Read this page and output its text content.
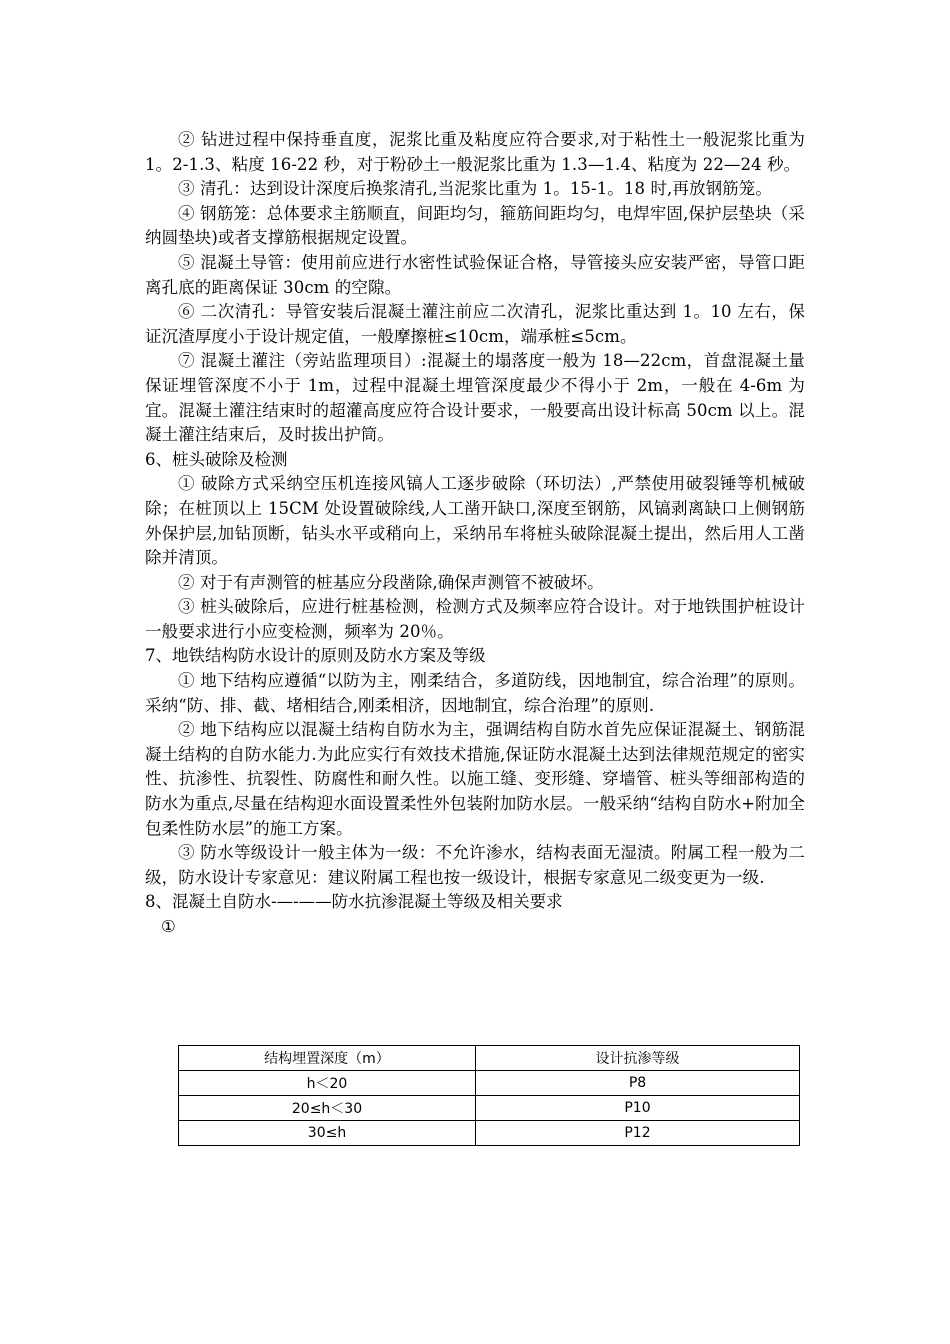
② 钻进过程中保持垂直度，泥浆比重及粘度应符合要求,对于粘性土一般泥浆比重为 1。2-1.3、粘度 16-22 秒，对于粉砂土一般泥浆比重为 1.3—1.4、粘度为 22—24 秒。

③ 清孔：达到设计深度后换浆清孔,当泥浆比重为 1。15-1。18 时,再放钢筋笼。

④ 钢筋笼：总体要求主筋顺直，间距均匀，箍筋间距均匀，电焊牢固,保护层垫块（采纳圆垫块)或者支撑筋根据规定设置。

⑤ 混凝土导管：使用前应进行水密性试验保证合格，导管接头应安装严密，导管口距离孔底的距离保证 30cm 的空隙。

⑥ 二次清孔：导管安装后混凝土灌注前应二次清孔，泥浆比重达到 1。10 左右，保证沉渣厚度小于设计规定值，一般摩擦桩≤10cm，端承桩≤5cm。

⑦ 混凝土灌注（旁站监理项目）:混凝土的塌落度一般为 18—22cm，首盘混凝土量保证埋管深度不小于 1m，过程中混凝土埋管深度最少不得小于 2m，一般在 4-6m 为宜。混凝土灌注结束时的超灌高度应符合设计要求，一般要高出设计标高 50cm 以上。混凝土灌注结束后，及时拔出护筒。

6、桩头破除及检测

① 破除方式采纳空压机连接风镐人工逐步破除（环切法）,严禁使用破裂锤等机械破除；在桩顶以上 15CM 处设置破除线,人工凿开缺口,深度至钢筋，风镐剥离缺口上侧钢筋外保护层,加钻顶断，钻头水平或稍向上，采纳吊车将桩头破除混凝土提出，然后用人工凿除并清顶。

② 对于有声测管的桩基应分段凿除,确保声测管不被破坏。

③ 桩头破除后，应进行桩基检测，检测方式及频率应符合设计。对于地铁围护桩设计一般要求进行小应变检测，频率为 20％。

7、地铁结构防水设计的原则及防水方案及等级

① 地下结构应遵循“以防为主，刚柔结合，多道防线，因地制宜，综合治理”的原则。采纳“防、排、截、堵相结合,刚柔相济，因地制宜，综合治理”的原则.

② 地下结构应以混凝土结构自防水为主，强调结构自防水首先应保证混凝土、钢筋混凝土结构的自防水能力.为此应实行有效技术措施,保证防水混凝土达到法律规范规定的密实性、抗渗性、抗裂性、防腐性和耐久性。以施工缝、变形缝、穿墙管、桩头等细部构造的防水为重点,尽量在结构迎水面设置柔性外包装附加防水层。一般采纳“结构自防水+附加全包柔性防水层”的施工方案。

③ 防水等级设计一般主体为一级：不允许渗水，结构表面无湿渍。附属工程一般为二级，防水设计专家意见：建议附属工程也按一级设计，根据专家意见二级变更为一级.

8、混凝土自防水-—-——防水抗渗混凝土等级及相关要求

①

结构埋置深度（m）	设计抗渗等级
h＜20	P8
20≤h＜30	P10
30≤h	P12
